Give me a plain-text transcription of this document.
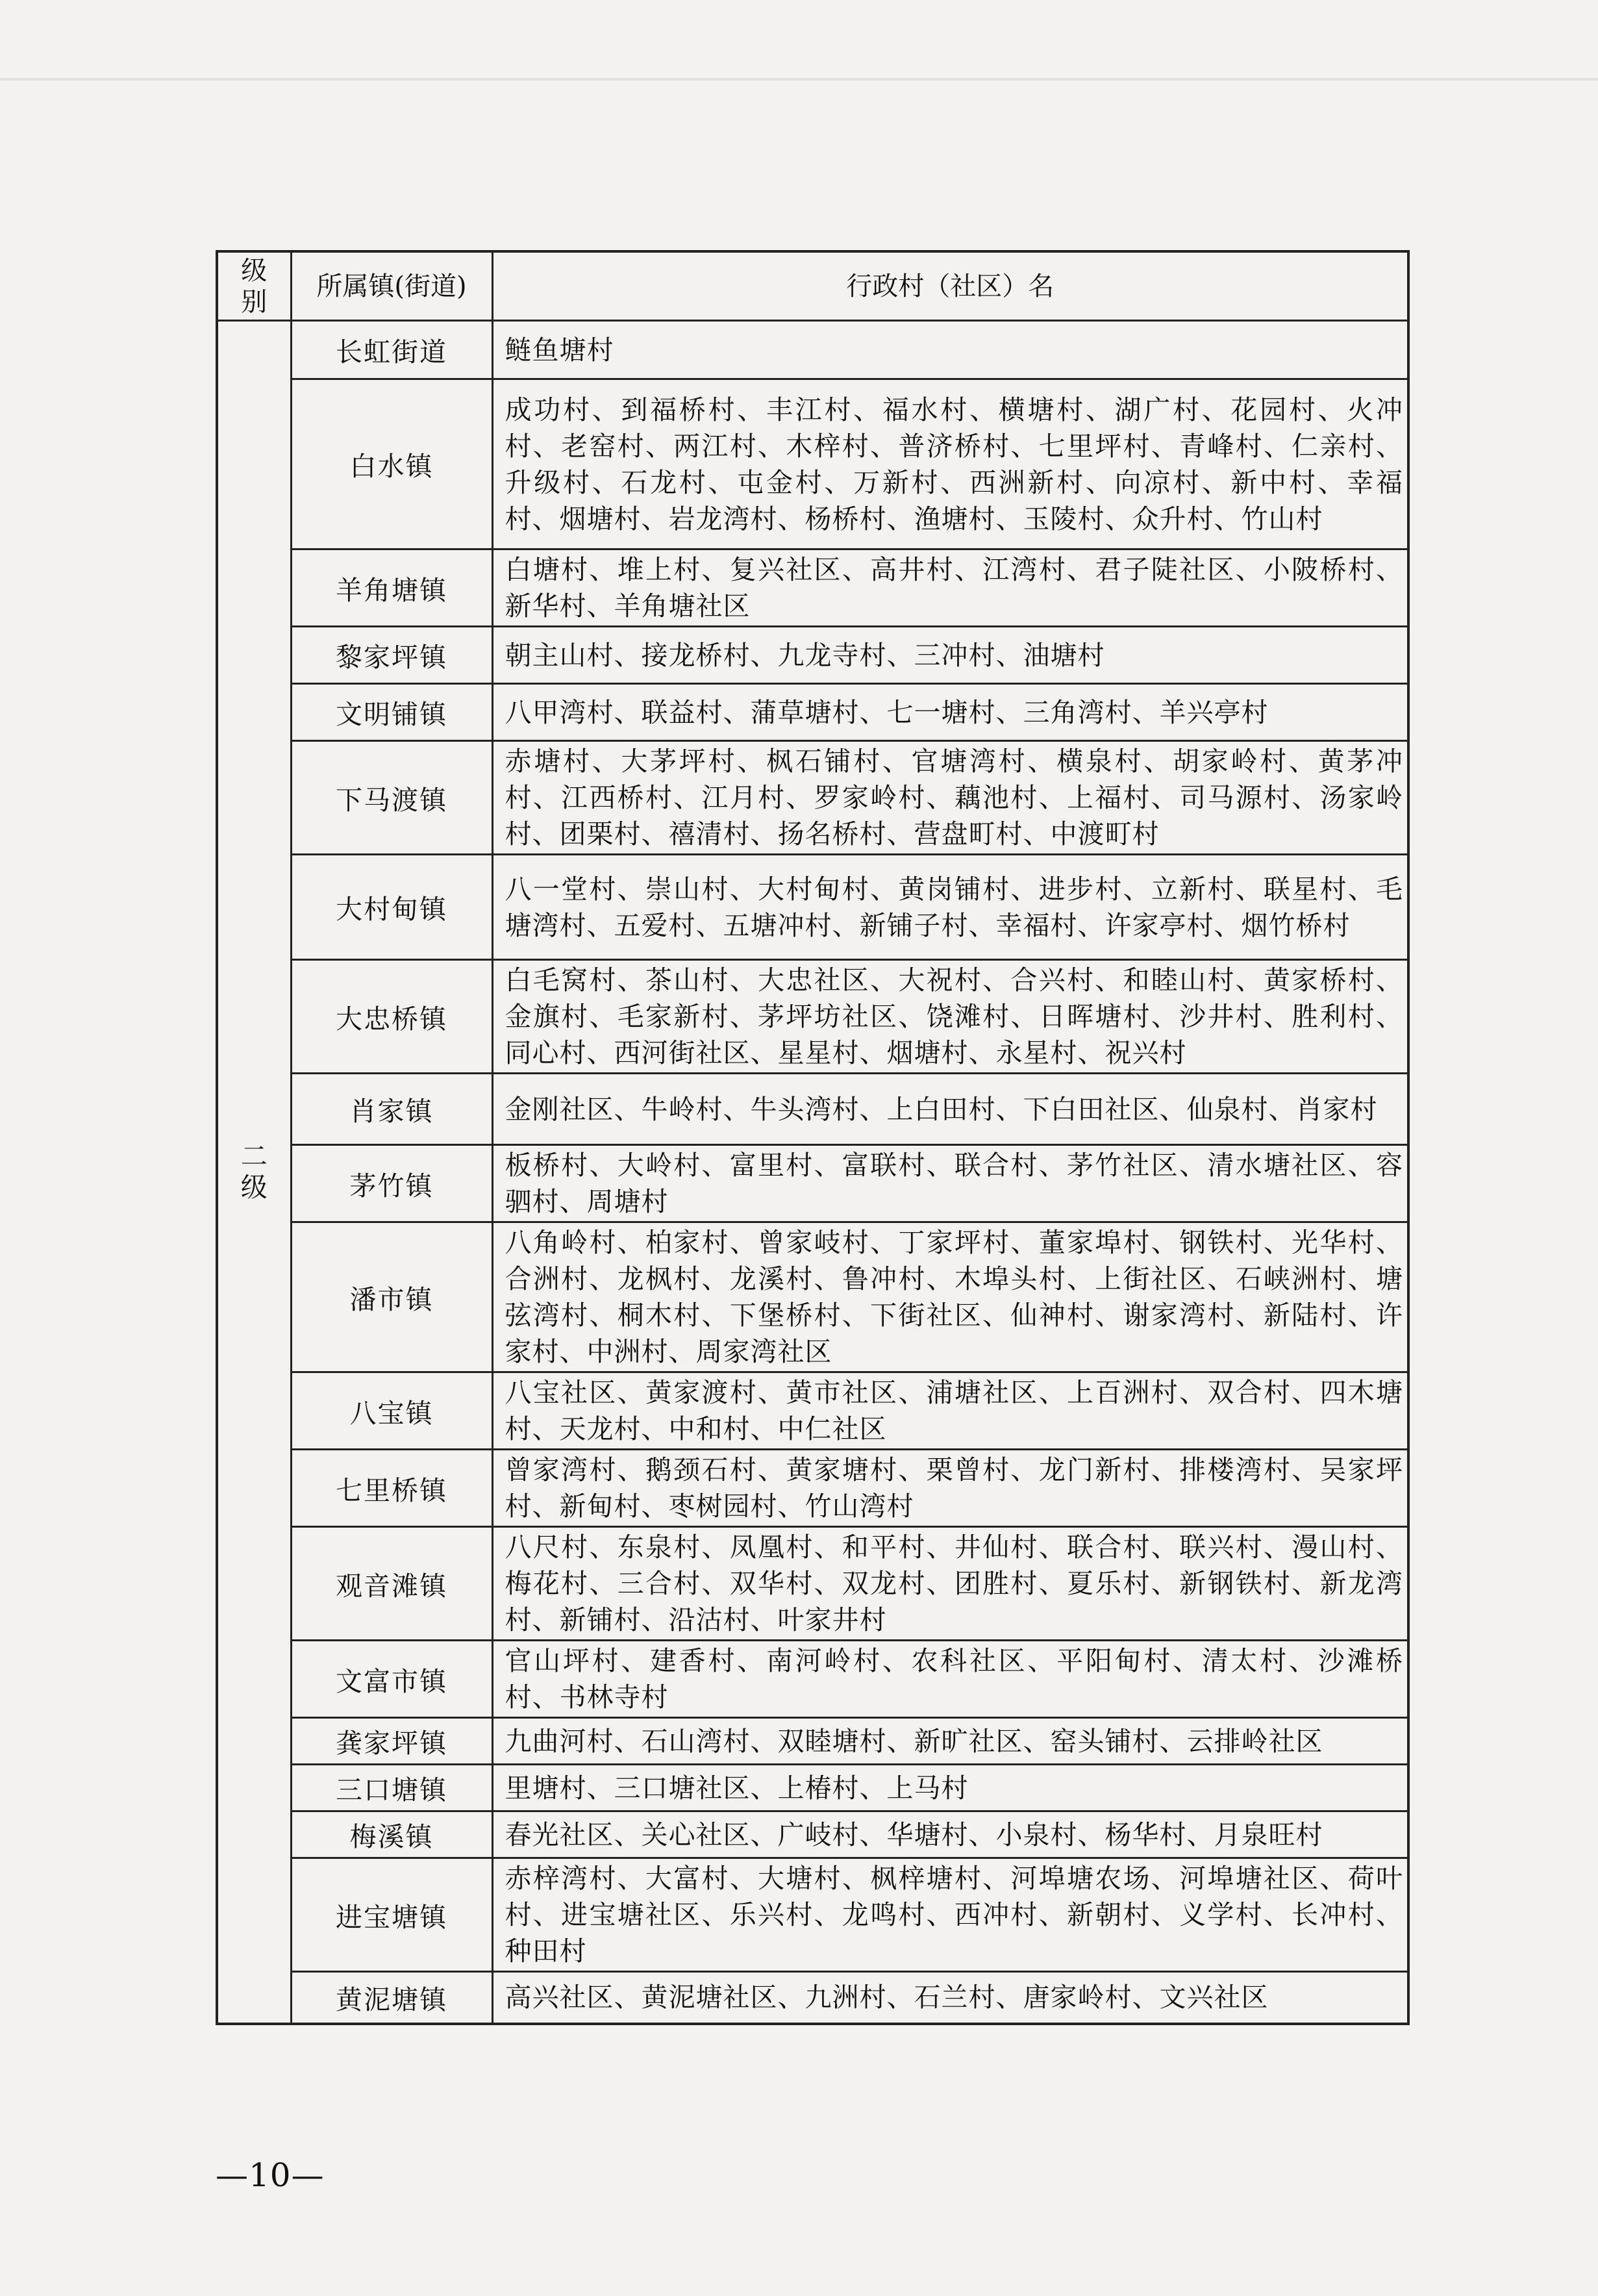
级别	所属镇(街道)	行政村（社区）名
二级	长虹街道	鲢鱼塘村
	白水镇	成功村、到福桥村、丰江村、福水村、横塘村、湖广村、花园村、火冲村、老窑村、两江村、木梓村、普济桥村、七里坪村、青峰村、仁亲村、升级村、石龙村、屯金村、万新村、西洲新村、向凉村、新中村、幸福村、烟塘村、岩龙湾村、杨桥村、渔塘村、玉陵村、众升村、竹山村
	羊角塘镇	白塘村、堆上村、复兴社区、高井村、江湾村、君子陡社区、小陂桥村、新华村、羊角塘社区
	黎家坪镇	朝主山村、接龙桥村、九龙寺村、三冲村、油塘村
	文明铺镇	八甲湾村、联益村、蒲草塘村、七一塘村、三角湾村、羊兴亭村
	下马渡镇	赤塘村、大茅坪村、枫石铺村、官塘湾村、横泉村、胡家岭村、黄茅冲村、江西桥村、江月村、罗家岭村、藕池村、上福村、司马源村、汤家岭村、团栗村、禧清村、扬名桥村、营盘町村、中渡町村
	大村甸镇	八一堂村、崇山村、大村甸村、黄岗铺村、进步村、立新村、联星村、毛塘湾村、五爱村、五塘冲村、新铺子村、幸福村、许家亭村、烟竹桥村
	大忠桥镇	白毛窝村、茶山村、大忠社区、大祝村、合兴村、和睦山村、黄家桥村、金旗村、毛家新村、茅坪坊社区、饶滩村、日晖塘村、沙井村、胜利村、同心村、西河街社区、星星村、烟塘村、永星村、祝兴村
	肖家镇	金刚社区、牛岭村、牛头湾村、上白田村、下白田社区、仙泉村、肖家村
	茅竹镇	板桥村、大岭村、富里村、富联村、联合村、茅竹社区、清水塘社区、容驷村、周塘村
	潘市镇	八角岭村、柏家村、曾家岐村、丁家坪村、董家埠村、钢铁村、光华村、合洲村、龙枫村、龙溪村、鲁冲村、木埠头村、上街社区、石峡洲村、塘弦湾村、桐木村、下堡桥村、下街社区、仙神村、谢家湾村、新陆村、许家村、中洲村、周家湾社区
	八宝镇	八宝社区、黄家渡村、黄市社区、浦塘社区、上百洲村、双合村、四木塘村、天龙村、中和村、中仁社区
	七里桥镇	曾家湾村、鹅颈石村、黄家塘村、栗曾村、龙门新村、排楼湾村、吴家坪村、新甸村、枣树园村、竹山湾村
	观音滩镇	八尺村、东泉村、凤凰村、和平村、井仙村、联合村、联兴村、漫山村、梅花村、三合村、双华村、双龙村、团胜村、夏乐村、新钢铁村、新龙湾村、新铺村、沿沽村、叶家井村
	文富市镇	官山坪村、建香村、南河岭村、农科社区、平阳甸村、清太村、沙滩桥村、书林寺村
	龚家坪镇	九曲河村、石山湾村、双睦塘村、新旷社区、窑头铺村、云排岭社区
	三口塘镇	里塘村、三口塘社区、上椿村、上马村
	梅溪镇	春光社区、关心社区、广岐村、华塘村、小泉村、杨华村、月泉旺村
	进宝塘镇	赤梓湾村、大富村、大塘村、枫梓塘村、河埠塘农场、河埠塘社区、荷叶村、进宝塘社区、乐兴村、龙鸣村、西冲村、新朝村、义学村、长冲村、种田村
	黄泥塘镇	高兴社区、黄泥塘社区、九洲村、石兰村、唐家岭村、文兴社区
—10—
